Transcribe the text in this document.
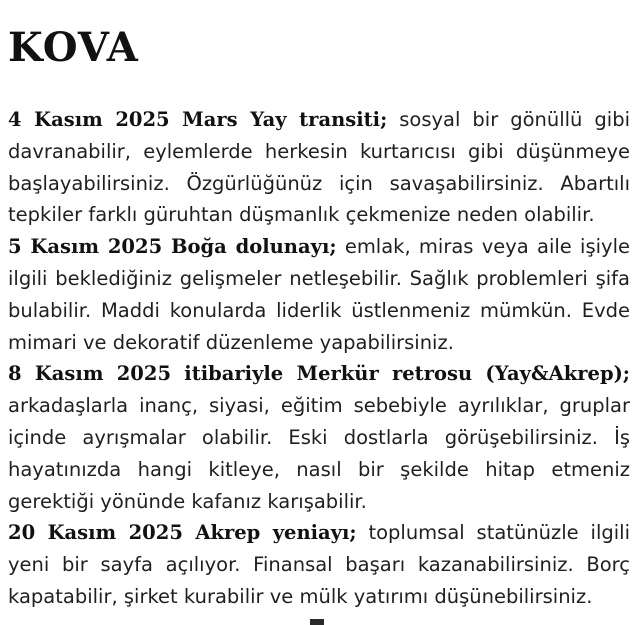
KOVA

4 Kasım 2025 Mars Yay transiti; sosyal bir gönüllü gibi davranabilir, eylemlerde herkesin kurtarıcısı gibi düşünmeye başlayabilirsiniz. Özgürlüğünüz için savaşabilirsiniz. Abartılı tepkiler farklı güruhtan düşmanlık çekmenize neden olabilir.

5 Kasım 2025 Boğa dolunayı; emlak, miras veya aile işiyle ilgili beklediğiniz gelişmeler netleşebilir. Sağlık problemleri şifa bulabilir. Maddi konularda liderlik üstlenmeniz mümkün. Evde mimari ve dekoratif düzenleme yapabilirsiniz.

8 Kasım 2025 itibariyle Merkür retrosu (Yay&Akrep); arkadaşlarla inanç, siyasi, eğitim sebebiyle ayrılıklar, gruplar içinde ayrışmalar olabilir. Eski dostlarla görüşebilirsiniz. İş hayatınızda hangi kitleye, nasıl bir şekilde hitap etmeniz gerektiği yönünde kafanız karışabilir.

20 Kasım 2025 Akrep yeniayı; toplumsal statünüzle ilgili yeni bir sayfa açılıyor. Finansal başarı kazanabilirsiniz. Borç kapatabilir, şirket kurabilir ve mülk yatırımı düşünebilirsiniz.
